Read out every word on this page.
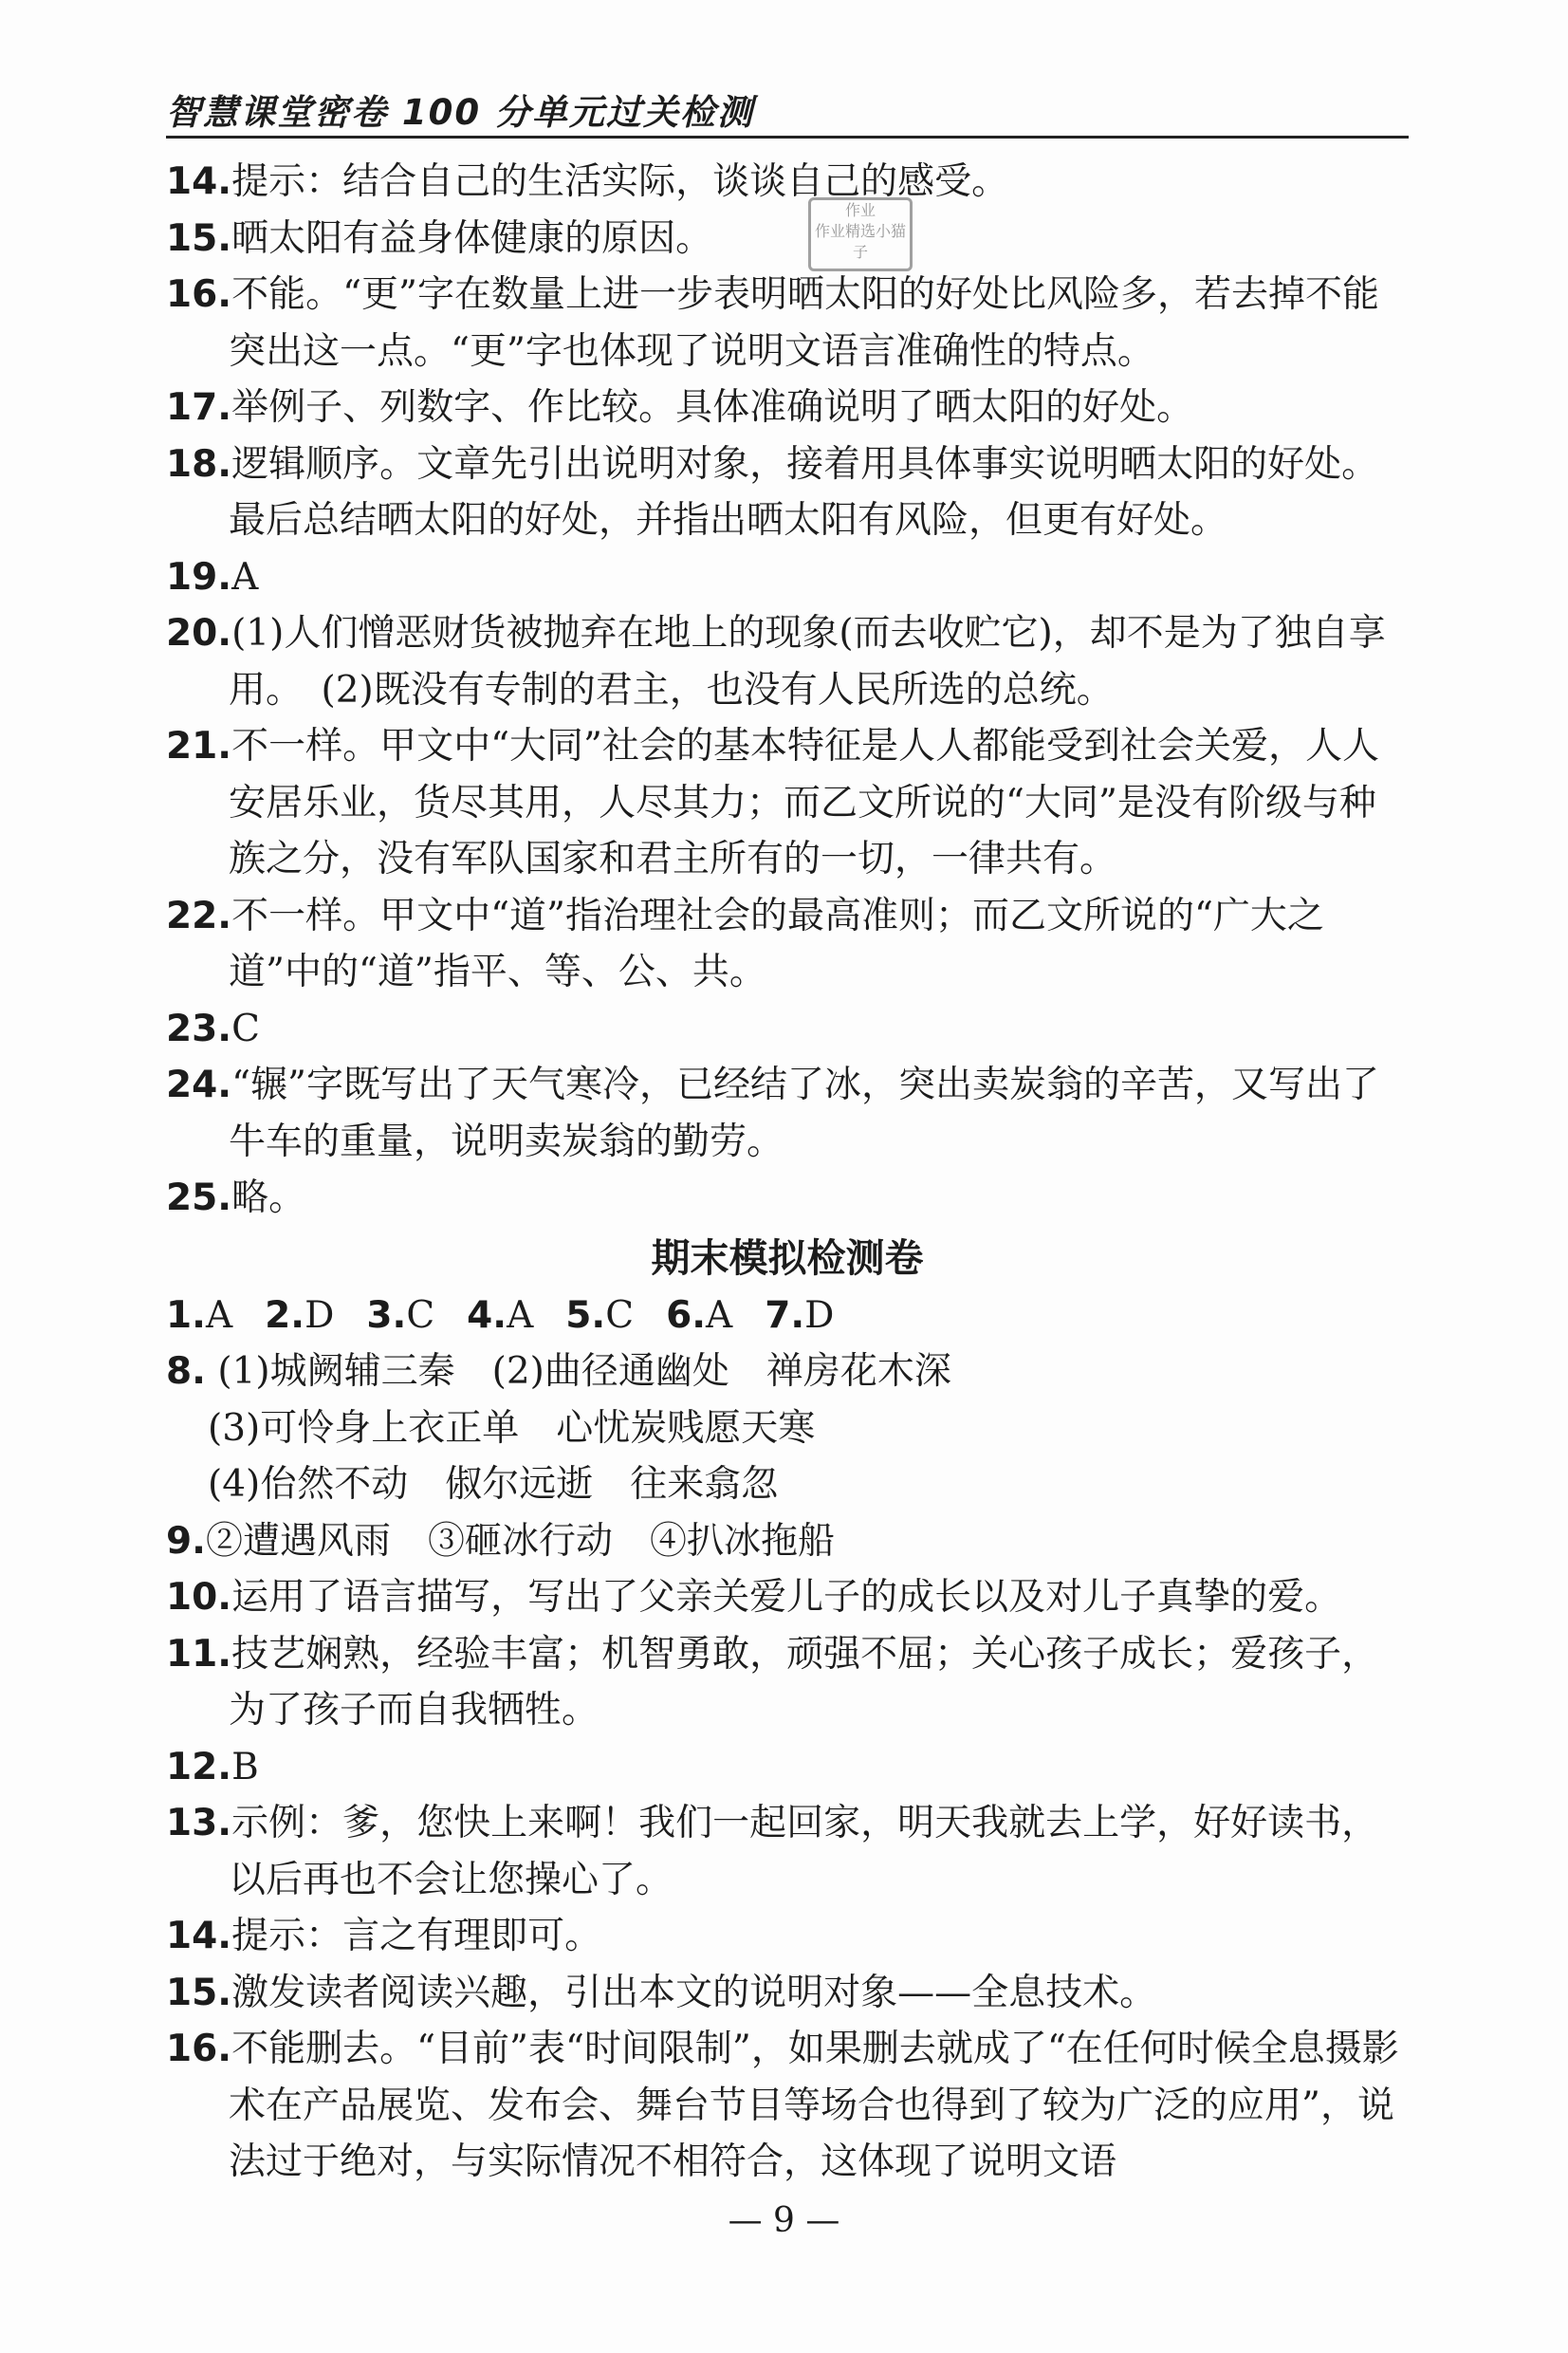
智慧课堂密卷 100 分单元过关检测
作业
作业精选小猫子

14.提示：结合自己的生活实际，谈谈自己的感受。

15.晒太阳有益身体健康的原因。

16.不能。“更”字在数量上进一步表明晒太阳的好处比风险多，若去掉不能突出这一点。“更”字也体现了说明文语言准确性的特点。

17.举例子、列数字、作比较。具体准确说明了晒太阳的好处。

18.逻辑顺序。文章先引出说明对象，接着用具体事实说明晒太阳的好处。最后总结晒太阳的好处，并指出晒太阳有风险，但更有好处。

19.A

20.(1)人们憎恶财货被抛弃在地上的现象(而去收贮它)，却不是为了独自享用。　(2)既没有专制的君主，也没有人民所选的总统。

21.不一样。甲文中“大同”社会的基本特征是人人都能受到社会关爱，人人安居乐业，货尽其用，人尽其力；而乙文所说的“大同”是没有阶级与种族之分，没有军队国家和君主所有的一切，一律共有。

22.不一样。甲文中“道”指治理社会的最高准则；而乙文所说的“广大之道”中的“道”指平、等、公、共。

23.C

24.“辗”字既写出了天气寒冷，已经结了冰，突出卖炭翁的辛苦，又写出了牛车的重量，说明卖炭翁的勤劳。

25.略。

期末模拟检测卷
1.A 2.D 3.C 4.A 5.C 6.A 7.D
8. (1)城阙辅三秦　(2)曲径通幽处　禅房花木深
(3)可怜身上衣正单　心忧炭贱愿天寒
(4)佁然不动　俶尔远逝　往来翕忽

9.②遭遇风雨　③砸冰行动　④扒冰拖船

10.运用了语言描写，写出了父亲关爱儿子的成长以及对儿子真挚的爱。

11.技艺娴熟，经验丰富；机智勇敢，顽强不屈；关心孩子成长；爱孩子，为了孩子而自我牺牲。

12.B

13.示例：爹，您快上来啊！我们一起回家，明天我就去上学，好好读书，以后再也不会让您操心了。

14.提示：言之有理即可。

15.激发读者阅读兴趣，引出本文的说明对象——全息技术。

16.不能删去。“目前”表“时间限制”，如果删去就成了“在任何时候全息摄影术在产品展览、发布会、舞台节目等场合也得到了较为广泛的应用”，说法过于绝对，与实际情况不相符合，这体现了说明文语

— 9 —
